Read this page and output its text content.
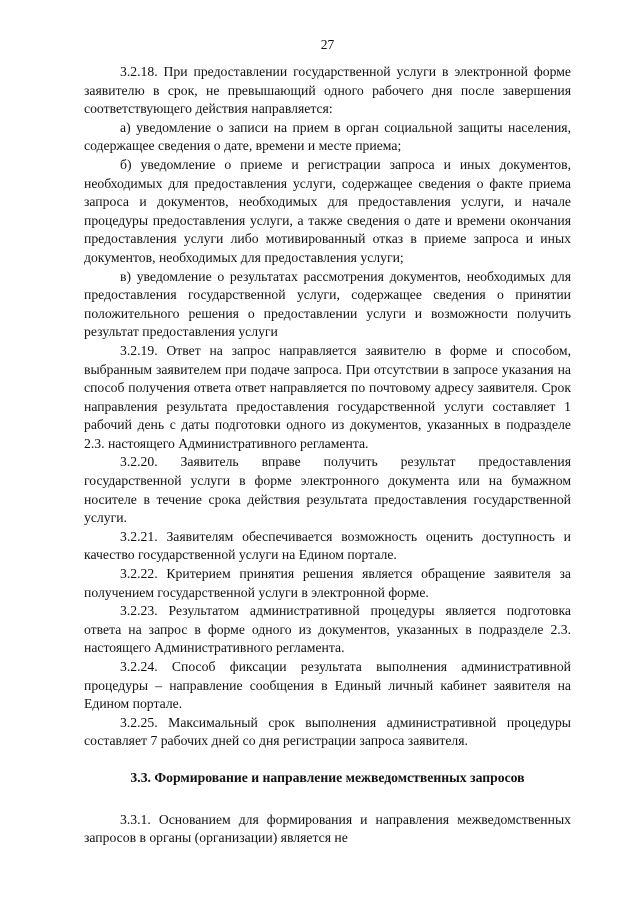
27

3.2.18. При предоставлении государственной услуги в электронной форме заявителю в срок, не превышающий одного рабочего дня после завершения соответствующего действия направляется:

а) уведомление о записи на прием в орган социальной защиты населения, содержащее сведения о дате, времени и месте приема;

б) уведомление о приеме и регистрации запроса и иных документов, необходимых для предоставления услуги, содержащее сведения о факте приема запроса и документов, необходимых для предоставления услуги, и начале процедуры предоставления услуги, а также сведения о дате и времени окончания предоставления услуги либо мотивированный отказ в приеме запроса и иных документов, необходимых для предоставления услуги;

в) уведомление о результатах рассмотрения документов, необходимых для предоставления государственной услуги, содержащее сведения о принятии положительного решения о предоставлении услуги и возможности получить результат предоставления услуги

3.2.19. Ответ на запрос направляется заявителю в форме и способом, выбранным заявителем при подаче запроса. При отсутствии в запросе указания на способ получения ответа ответ направляется по почтовому адресу заявителя. Срок направления результата предоставления государственной услуги составляет 1 рабочий день с даты подготовки одного из документов, указанных в подразделе 2.3. настоящего Административного регламента.

3.2.20. Заявитель вправе получить результат предоставления государственной услуги в форме электронного документа или на бумажном носителе в течение срока действия результата предоставления государственной услуги.

3.2.21. Заявителям обеспечивается возможность оценить доступность и качество государственной услуги на Едином портале.

3.2.22. Критерием принятия решения является обращение заявителя за получением государственной услуги в электронной форме.

3.2.23. Результатом административной процедуры является подготовка ответа на запрос в форме одного из документов, указанных в подразделе 2.3. настоящего Административного регламента.

3.2.24. Способ фиксации результата выполнения административной процедуры – направление сообщения в Единый личный кабинет заявителя на Едином портале.

3.2.25. Максимальный срок выполнения административной процедуры составляет 7 рабочих дней со дня регистрации запроса заявителя.

3.3. Формирование и направление межведомственных запросов

3.3.1. Основанием для формирования и направления межведомственных запросов в органы (организации) является не
